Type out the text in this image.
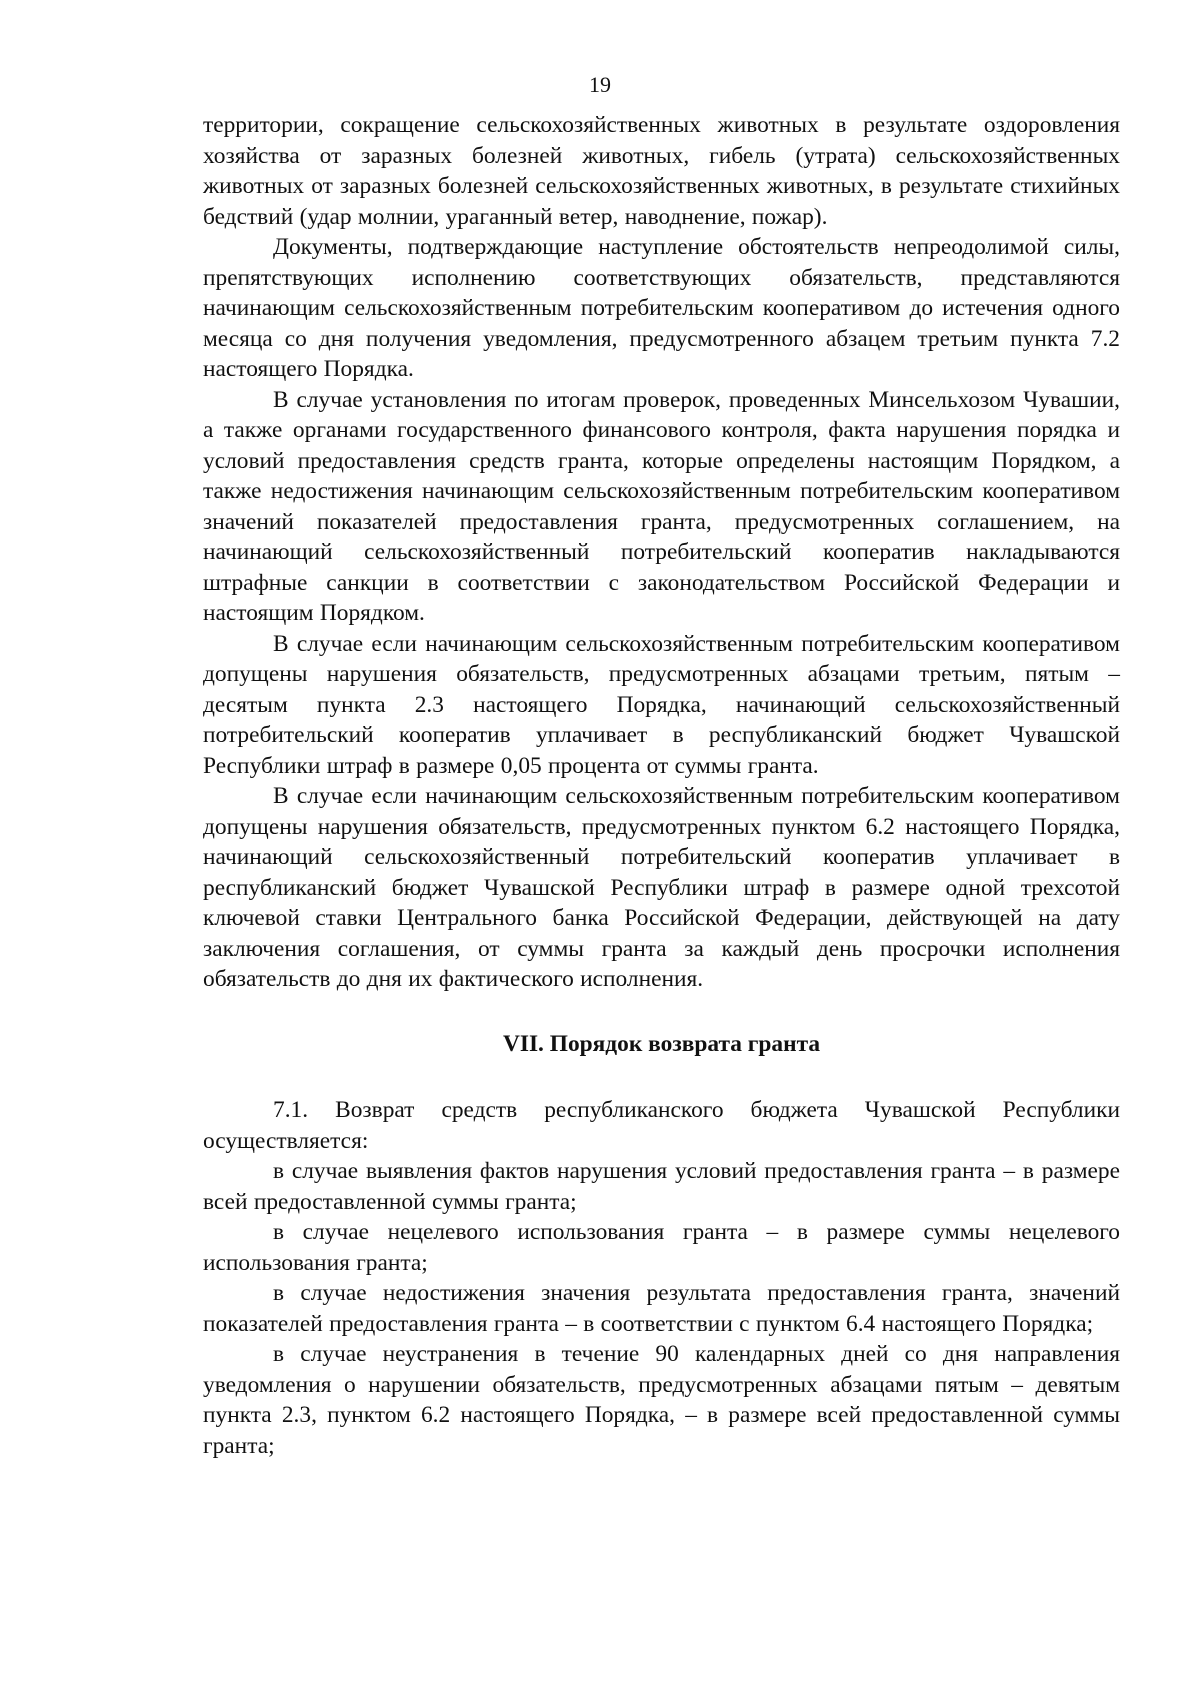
19

территории, сокращение сельскохозяйственных животных в результате оздоровления хозяйства от заразных болезней животных, гибель (утрата) сельскохозяйственных животных от заразных болезней сельскохозяйственных животных, в результате стихийных бедствий (удар молнии, ураганный ветер, наводнение, пожар).

Документы, подтверждающие наступление обстоятельств непреодолимой силы, препятствующих исполнению соответствующих обязательств, представляются начинающим сельскохозяйственным потребительским кооперативом до истечения одного месяца со дня получения уведомления, предусмотренного абзацем третьим пункта 7.2 настоящего Порядка.

В случае установления по итогам проверок, проведенных Минсельхозом Чувашии, а также органами государственного финансового контроля, факта нарушения порядка и условий предоставления средств гранта, которые определены настоящим Порядком, а также недостижения начинающим сельскохозяйственным потребительским кооперативом значений показателей предоставления гранта, предусмотренных соглашением, на начинающий сельскохозяйственный потребительский кооператив накладываются штрафные санкции в соответствии с законодательством Российской Федерации и настоящим Порядком.

В случае если начинающим сельскохозяйственным потребительским кооперативом допущены нарушения обязательств, предусмотренных абзацами третьим, пятым – десятым пункта 2.3 настоящего Порядка, начинающий сельскохозяйственный потребительский кооператив уплачивает в республиканский бюджет Чувашской Республики штраф в размере 0,05 процента от суммы гранта.

В случае если начинающим сельскохозяйственным потребительским кооперативом допущены нарушения обязательств, предусмотренных пунктом 6.2 настоящего Порядка, начинающий сельскохозяйственный потребительский кооператив уплачивает в республиканский бюджет Чувашской Республики штраф в размере одной трехсотой ключевой ставки Центрального банка Российской Федерации, действующей на дату заключения соглашения, от суммы гранта за каждый день просрочки исполнения обязательств до дня их фактического исполнения.

VII. Порядок возврата гранта

7.1. Возврат средств республиканского бюджета Чувашской Республики осуществляется:

в случае выявления фактов нарушения условий предоставления гранта – в размере всей предоставленной суммы гранта;

в случае нецелевого использования гранта – в размере суммы нецелевого использования гранта;

в случае недостижения значения результата предоставления гранта, значений показателей предоставления гранта – в соответствии с пунктом 6.4 настоящего Порядка;

в случае неустранения в течение 90 календарных дней со дня направления уведомления о нарушении обязательств, предусмотренных абзацами пятым – девятым пункта 2.3, пунктом 6.2 настоящего Порядка, – в размере всей предоставленной суммы гранта;
